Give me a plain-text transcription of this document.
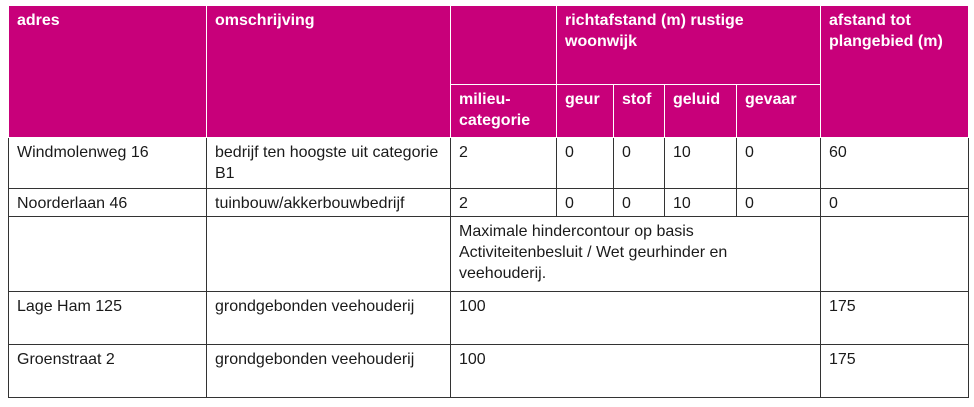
adres	omschrijving		richtafstand (m) rustige woonwijk				afstand tot plangebied (m)
		milieu-categorie	geur	stof	geluid	gevaar	
Windmolenweg 16	bedrijf ten hoogste uit categorie B1	2	0	0	10	0	60
Noorderlaan 46	tuinbouw/akkerbouwbedrijf	2	0	0	10	0	0
		Maximale hindercontour op basis Activiteitenbesluit / Wet geurhinder en veehouderij.					
Lage Ham 125	grondgebonden veehouderij	100					175
Groenstraat 2	grondgebonden veehouderij	100					175
